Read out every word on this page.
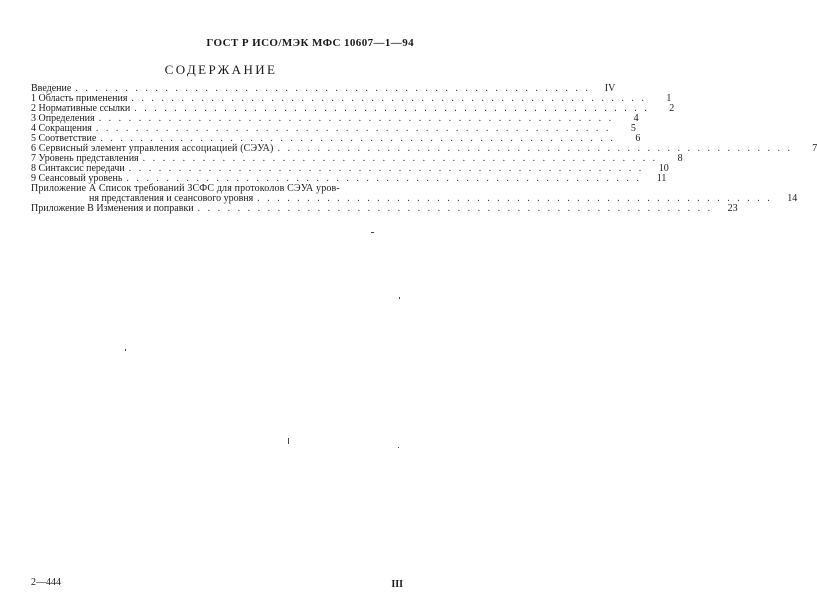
ГОСТ Р ИСО/МЭК МФС 10607—1—94
СОДЕРЖАНИЕ
Введение .................................................... IV
1 Область применения ....................................................	1
2 Нормативные ссылки ....................................................	2
3 Определения ....................................................	4
4 Сокращения ....................................................	5
5 Соответствие ....................................................	6
6 Сервисный элемент управления ассоциацией (СЭУА) ....................................................	7
7 Уровень представления ....................................................	8
8 Синтаксис передачи ....................................................	10
9 Сеансовый уровень ....................................................	11
Приложение А Список требований ЗСФС для протоколов СЭУА уров-
ня представления и сеансового уровня ....................................................	14
Приложение В Изменения и поправки ....................................................	23
2—444	III
